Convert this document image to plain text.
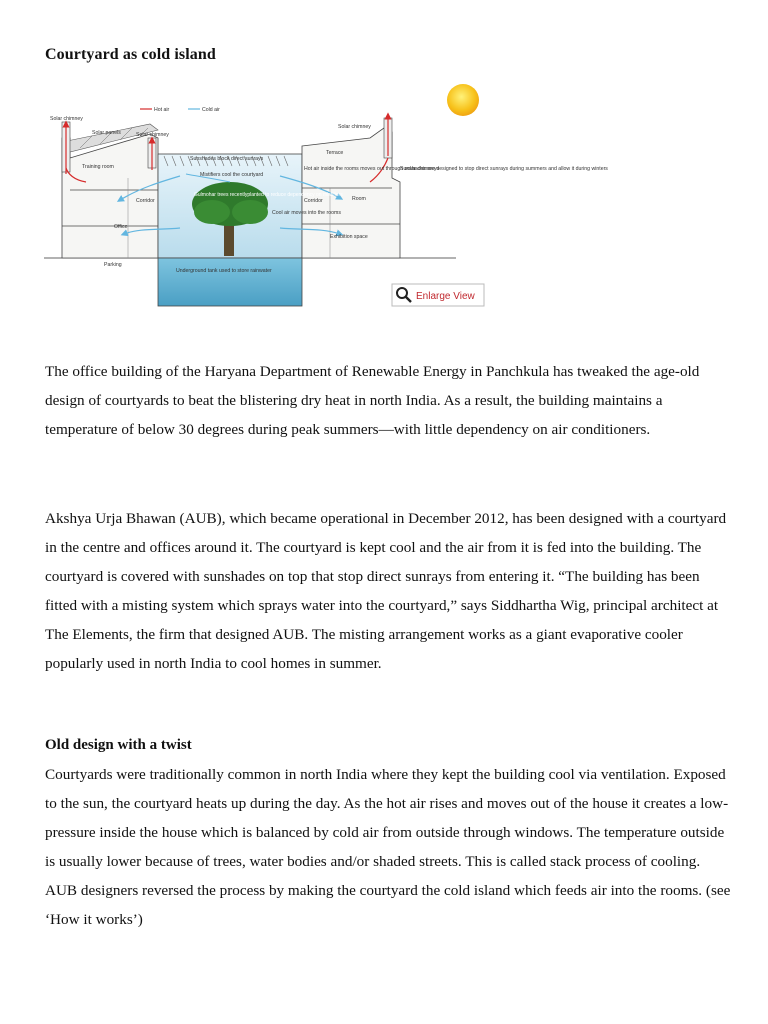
Courtyard as cold island
Hot air	Cold air
Solar chimney
Solar panels	Solar chimney
Solar chimney
Terrace
Sunshades block direct sunrays
Mistifiers cool the courtyard
Training room
Corridor
Office
Parking
Gulmohar trees recentlyplanted to reduce dependency on mistifiers
Cool air moves into the rooms
Corridor	Room
Exhibition space
Hot air inside the rooms moves out through solar chimneys
Sunshades are designed to stop direct sunrays during summers and allow it during winters
Underground tank used to store rainwater
Enlarge View

The office building of the Haryana Department of Renewable Energy in Panchkula has tweaked the age-old design of courtyards to beat the blistering dry heat in north India. As a result, the building maintains a temperature of below 30 degrees during peak summers—with little dependency on air conditioners.

Akshya Urja Bhawan (AUB), which became operational in December 2012, has been designed with a courtyard in the centre and offices around it. The courtyard is kept cool and the air from it is fed into the building. The courtyard is covered with sunshades on top that stop direct sunrays from entering it. “The building has been fitted with a misting system which sprays water into the courtyard,” says Siddhartha Wig, principal architect at The Elements, the firm that designed AUB. The misting arrangement works as a giant evaporative cooler popularly used in north India to cool homes in summer.

Old design with a twist

Courtyards were traditionally common in north India where they kept the building cool via ventilation. Exposed to the sun, the courtyard heats up during the day. As the hot air rises and moves out of the house it creates a low-pressure inside the house which is balanced by cold air from outside through windows. The temperature outside is usually lower because of trees, water bodies and/or shaded streets. This is called stack process of cooling. AUB designers reversed the process by making the courtyard the cold island which feeds air into the rooms. (see ‘How it works’)
